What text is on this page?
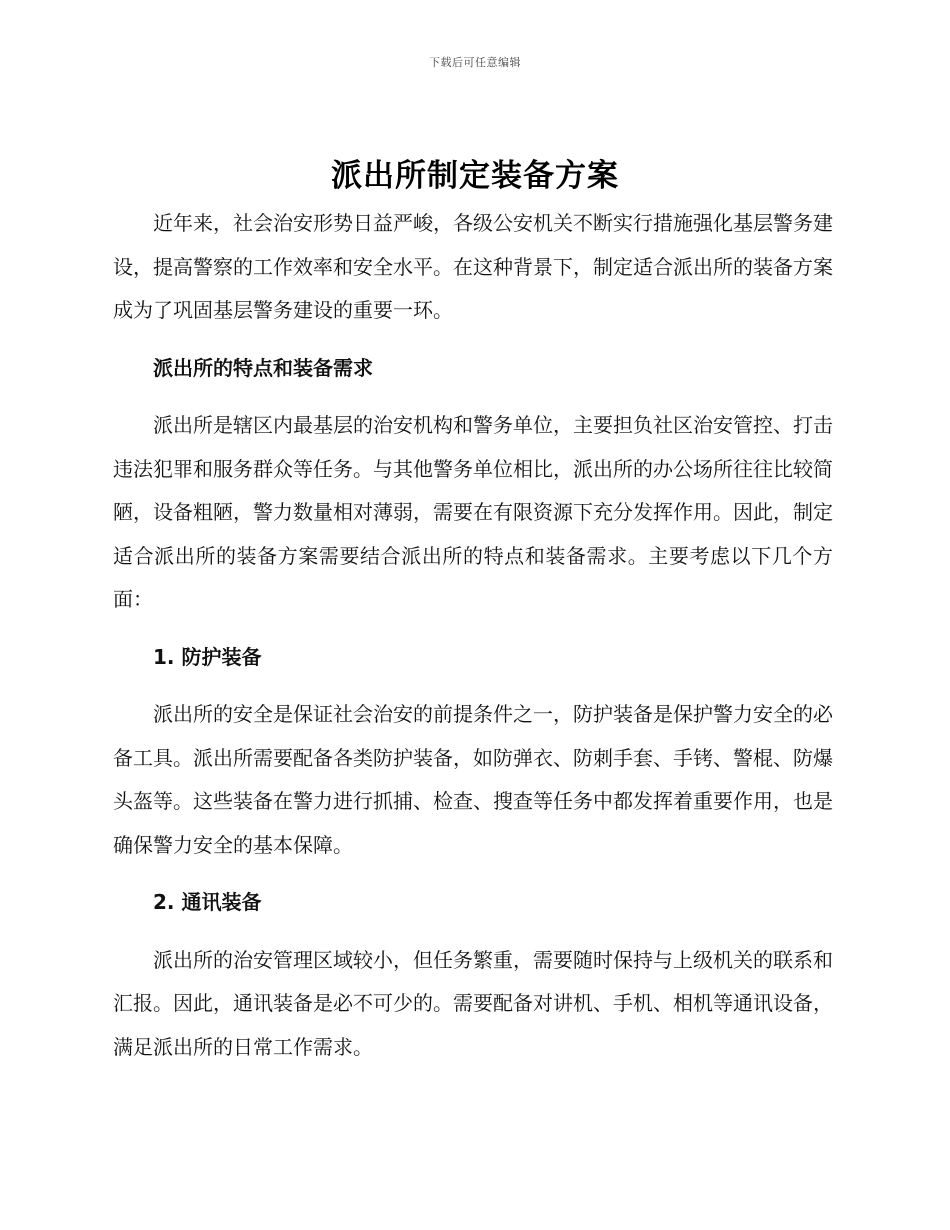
下载后可任意编辑
派出所制定装备方案

近年来，社会治安形势日益严峻，各级公安机关不断实行措施强化基层警务建设，提高警察的工作效率和安全水平。在这种背景下，制定适合派出所的装备方案成为了巩固基层警务建设的重要一环。

派出所的特点和装备需求

派出所是辖区内最基层的治安机构和警务单位，主要担负社区治安管控、打击违法犯罪和服务群众等任务。与其他警务单位相比，派出所的办公场所往往比较简陋，设备粗陋，警力数量相对薄弱，需要在有限资源下充分发挥作用。因此，制定适合派出所的装备方案需要结合派出所的特点和装备需求。主要考虑以下几个方面：

1. 防护装备

派出所的安全是保证社会治安的前提条件之一，防护装备是保护警力安全的必备工具。派出所需要配备各类防护装备，如防弹衣、防刺手套、手铐、警棍、防爆头盔等。这些装备在警力进行抓捕、检查、搜查等任务中都发挥着重要作用，也是确保警力安全的基本保障。

2. 通讯装备

派出所的治安管理区域较小，但任务繁重，需要随时保持与上级机关的联系和汇报。因此，通讯装备是必不可少的。需要配备对讲机、手机、相机等通讯设备，满足派出所的日常工作需求。
